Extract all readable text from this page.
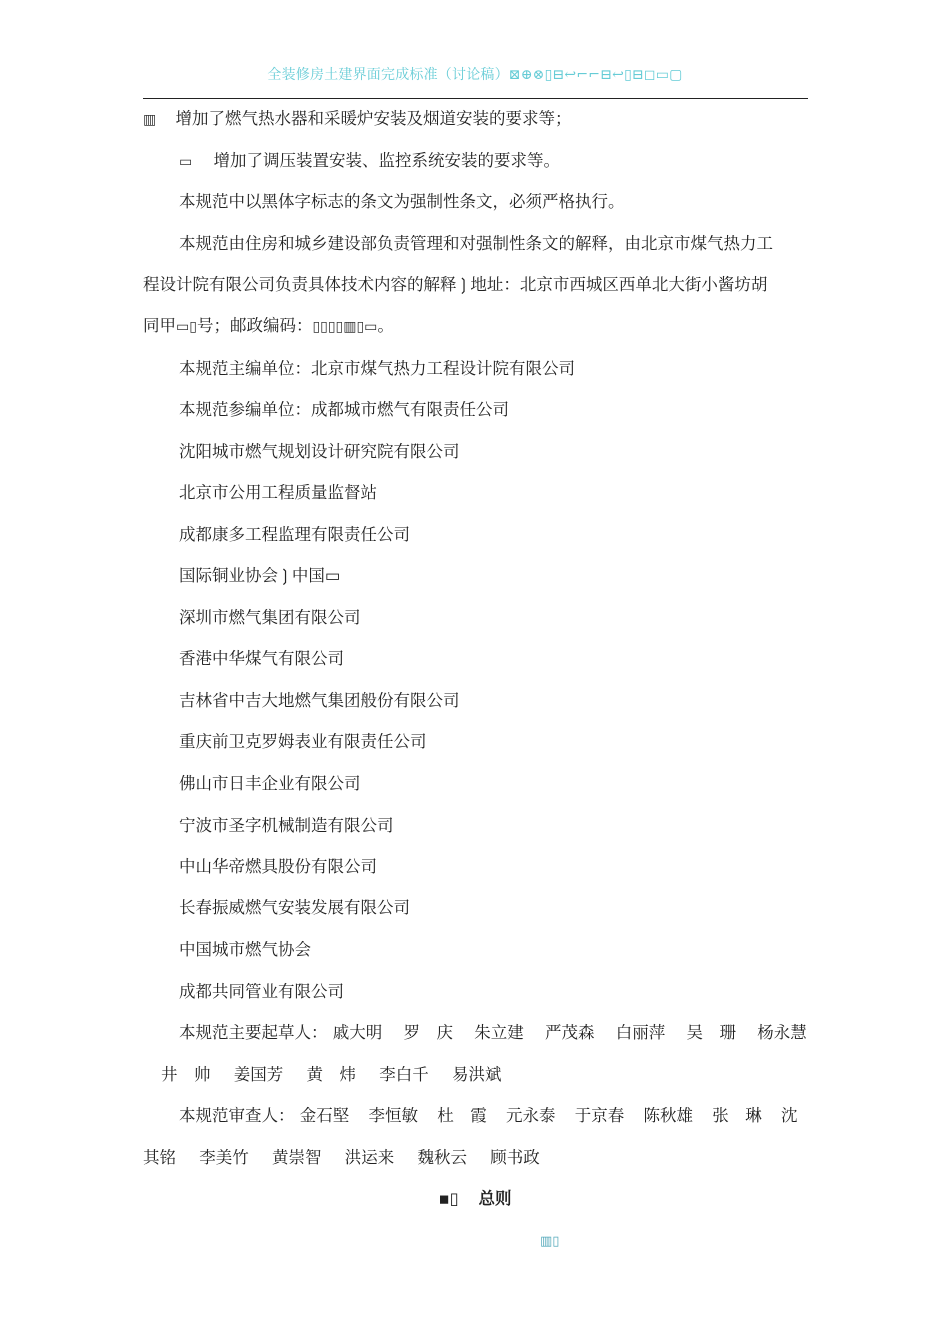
全装修房土建界面完成标准（讨论稿）⊠⊕⊗▯⊟↩⌐⌐⊟↩▯⊟◻▭▢
▥ 增加了燃气热水器和采暖炉安装及烟道安装的要求等；
▭ 增加了调压装置安装、监控系统安装的要求等。
本规范中以黑体字标志的条文为强制性条文，必须严格执行。
本规范由住房和城乡建设部负责管理和对强制性条文的解释，由北京市煤气热力工
程设计院有限公司负责具体技术内容的解释❳地址：北京市西城区西单北大街小酱坊胡
同甲▭▯号；邮政编码：▯▯▯▯▥▯▭。
本规范主编单位：北京市煤气热力工程设计院有限公司
本规范参编单位：成都城市燃气有限责任公司
沈阳城市燃气规划设计研究院有限公司
北京市公用工程质量监督站
成都康多工程监理有限责任公司
国际铜业协会❳中国▭
深圳市燃气集团有限公司
香港中华煤气有限公司
吉林省中吉大地燃气集团般份有限公司
重庆前卫克罗姆表业有限责任公司
佛山市日丰企业有限公司
宁波市圣字机械制造有限公司
中山华帝燃具股份有限公司
长春振威燃气安装发展有限公司
中国城市燃气协会
成都共同管业有限公司
本规范主要起草人： 戚大明 罗　庆 朱立建 严茂森 白丽萍 吴　珊 杨永慧
井　帅 姜国芳 黄　炜 李白千 易洪斌
本规范审查人： 金石堅 李恒敏 杜　霞 元永泰 于京春 陈秋雄 张　琳 沈
其铭 李美竹 黄崇智 洪运来 魏秋云 顾书政
▪▯ 总则
▥▯
